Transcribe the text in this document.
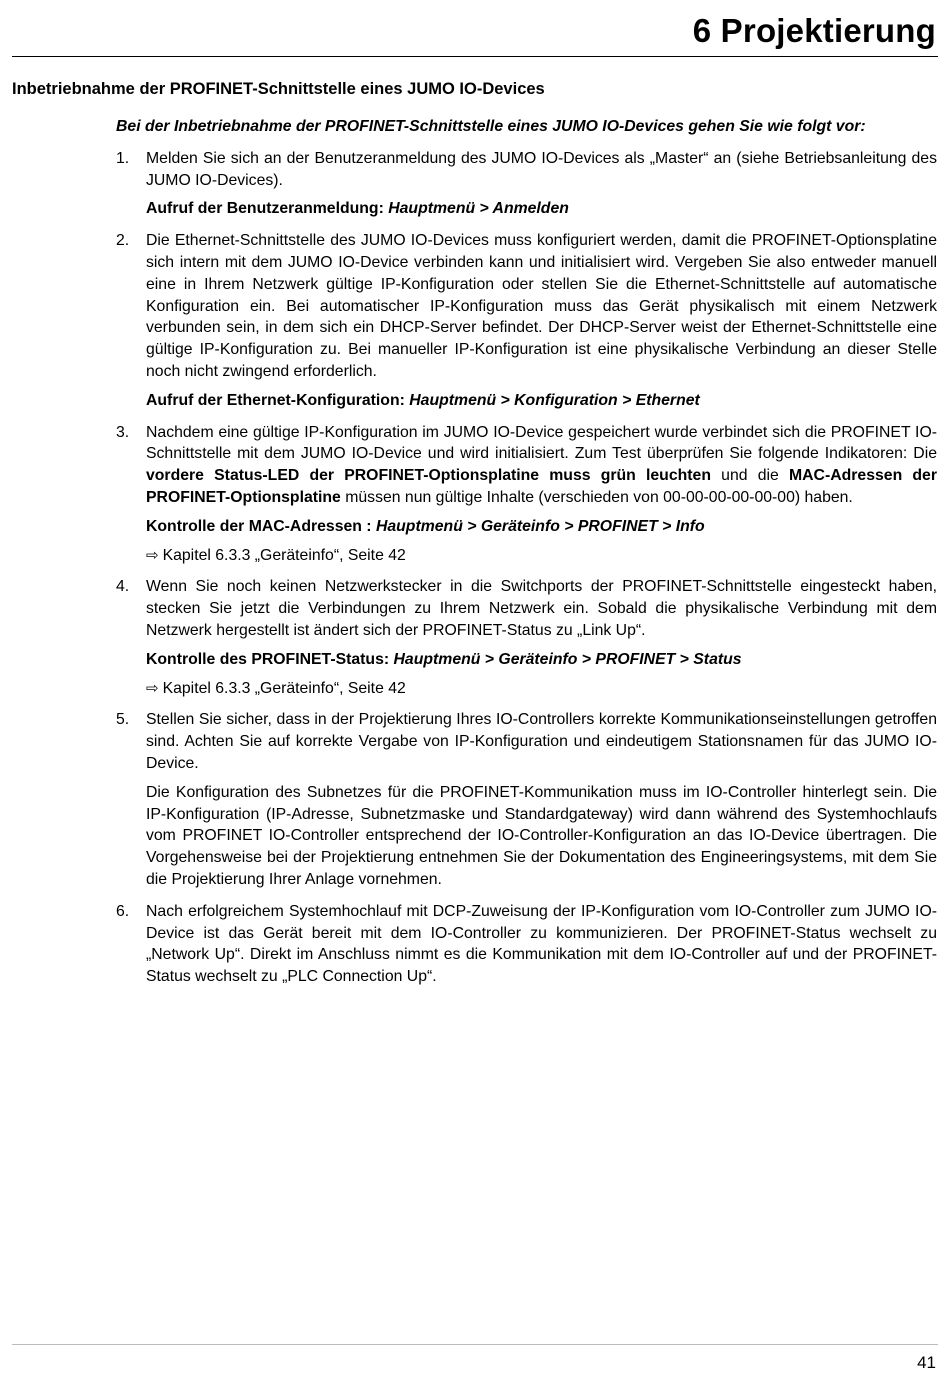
6 Projektierung
Inbetriebnahme der PROFINET-Schnittstelle eines JUMO IO-Devices

Bei der Inbetriebnahme der PROFINET-Schnittstelle eines JUMO IO-Devices gehen Sie wie folgt vor:

1. Melden Sie sich an der Benutzeranmeldung des JUMO IO-Devices als „Master“ an (siehe Betriebsanleitung des JUMO IO-Devices).

Aufruf der Benutzeranmeldung: Hauptmenü > Anmelden

2. Die Ethernet-Schnittstelle des JUMO IO-Devices muss konfiguriert werden, damit die PROFINET-Optionsplatine sich intern mit dem JUMO IO-Device verbinden kann und initialisiert wird. Vergeben Sie also entweder manuell eine in Ihrem Netzwerk gültige IP-Konfiguration oder stellen Sie die Ethernet-Schnittstelle auf automatische Konfiguration ein. Bei automatischer IP-Konfiguration muss das Gerät physikalisch mit einem Netzwerk verbunden sein, in dem sich ein DHCP-Server befindet. Der DHCP-Server weist der Ethernet-Schnittstelle eine gültige IP-Konfiguration zu. Bei manueller IP-Konfiguration ist eine physikalische Verbindung an dieser Stelle noch nicht zwingend erforderlich.

Aufruf der Ethernet-Konfiguration: Hauptmenü > Konfiguration > Ethernet

3. Nachdem eine gültige IP-Konfiguration im JUMO IO-Device gespeichert wurde verbindet sich die PROFINET IO-Schnittstelle mit dem JUMO IO-Device und wird initialisiert. Zum Test überprüfen Sie folgende Indikatoren: Die vordere Status-LED der PROFINET-Optionsplatine muss grün leuchten und die MAC-Adressen der PROFINET-Optionsplatine müssen nun gültige Inhalte (verschieden von 00-00-00-00-00-00) haben.

Kontrolle der MAC-Adressen : Hauptmenü > Geräteinfo > PROFINET > Info

⇨ Kapitel 6.3.3 „Geräteinfo“, Seite 42

4. Wenn Sie noch keinen Netzwerkstecker in die Switchports der PROFINET-Schnittstelle eingesteckt haben, stecken Sie jetzt die Verbindungen zu Ihrem Netzwerk ein. Sobald die physikalische Verbindung mit dem Netzwerk hergestellt ist ändert sich der PROFINET-Status zu „Link Up“.

Kontrolle des PROFINET-Status: Hauptmenü > Geräteinfo > PROFINET > Status

⇨ Kapitel 6.3.3 „Geräteinfo“, Seite 42

5. Stellen Sie sicher, dass in der Projektierung Ihres IO-Controllers korrekte Kommunikationseinstellungen getroffen sind. Achten Sie auf korrekte Vergabe von IP-Konfiguration und eindeutigem Stationsnamen für das JUMO IO-Device.

Die Konfiguration des Subnetzes für die PROFINET-Kommunikation muss im IO-Controller hinterlegt sein. Die IP-Konfiguration (IP-Adresse, Subnetzmaske und Standardgateway) wird dann während des Systemhochlaufs vom PROFINET IO-Controller entsprechend der IO-Controller-Konfiguration an das IO-Device übertragen. Die Vorgehensweise bei der Projektierung entnehmen Sie der Dokumentation des Engineeringsystems, mit dem Sie die Projektierung Ihrer Anlage vornehmen.

6. Nach erfolgreichem Systemhochlauf mit DCP-Zuweisung der IP-Konfiguration vom IO-Controller zum JUMO IO-Device ist das Gerät bereit mit dem IO-Controller zu kommunizieren. Der PROFINET-Status wechselt zu „Network Up“. Direkt im Anschluss nimmt es die Kommunikation mit dem IO-Controller auf und der PROFINET-Status wechselt zu „PLC Connection Up“.

41
